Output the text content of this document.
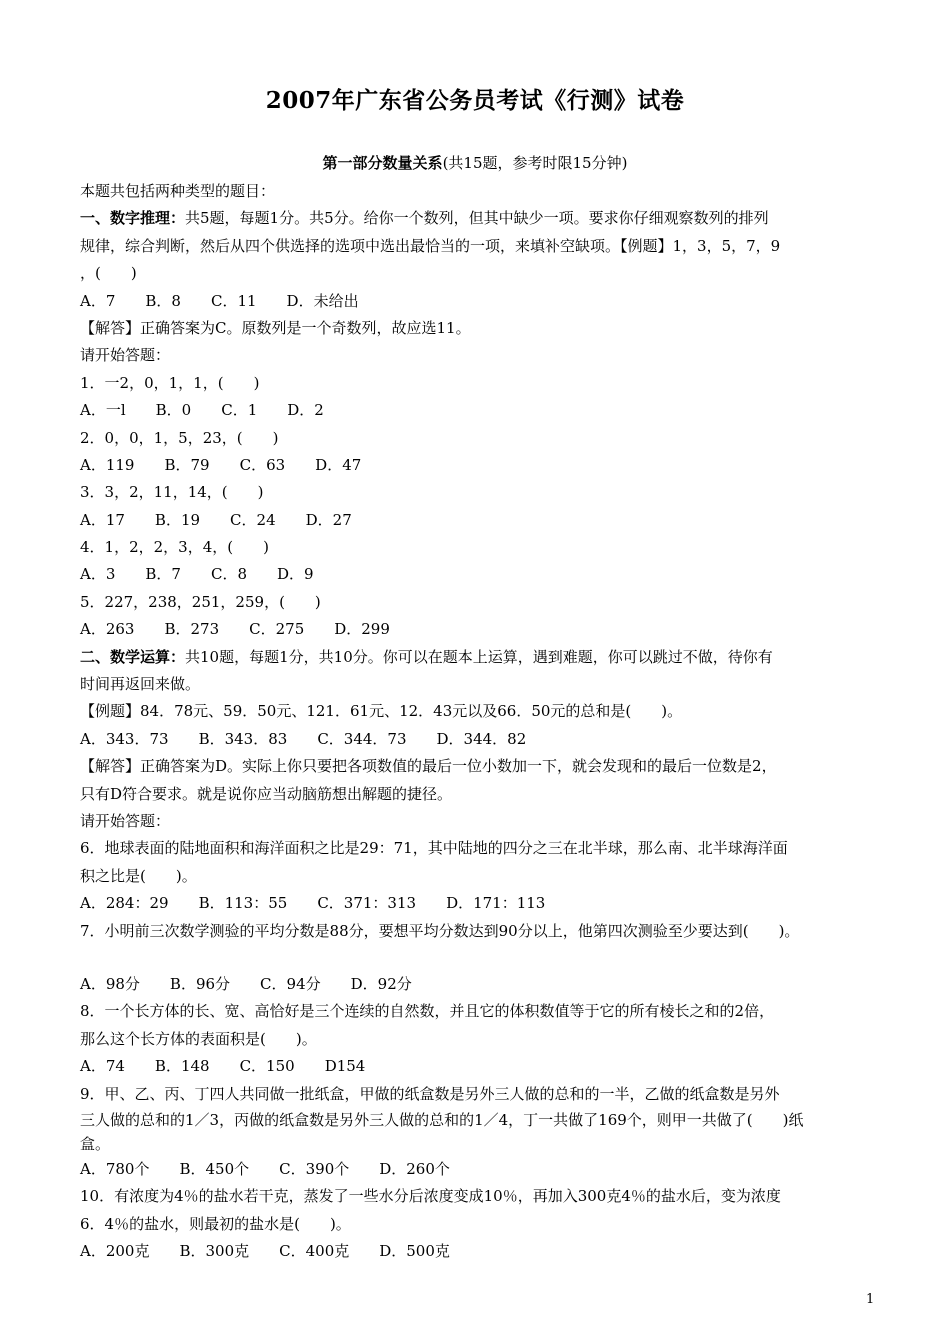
2007年广东省公务员考试《行测》试卷
第一部分数量关系(共15题，参考时限15分钟)
本题共包括两种类型的题目：
一、数字推理：共5题，每题1分。共5分。给你一个数列，但其中缺少一项。要求你仔细观察数列的排列
规律，综合判断，然后从四个供选择的选项中选出最恰当的一项，来填补空缺项。【例题】1，3，5，7，9
，(　　)
A．7 B．8 C．11 D．未给出
【解答】正确答案为C。原数列是一个奇数列，故应选11。
请开始答题：
1．一2，0，1，1，(　　)
A．一l B．0 C．1 D．2
2．0，0，1，5，23，(　　)
A．119 B．79 C．63 D．47
3．3，2，11，14，(　　)
A．17 B．19 C．24 D．27
4．1，2，2，3，4，(　　)
A．3 B．7 C．8 D．9
5．227，238，251，259，(　　)
A．263 B．273 C．275 D．299
二、数学运算：共10题，每题1分，共10分。你可以在题本上运算，遇到难题，你可以跳过不做，待你有
时间再返回来做。
【例题】84．78元、59．50元、121．61元、12．43元以及66．50元的总和是(　　)。
A．343．73 B．343．83 C．344．73 D．344．82
【解答】正确答案为D。实际上你只要把各项数值的最后一位小数加一下，就会发现和的最后一位数是2，
只有D符合要求。就是说你应当动脑筋想出解题的捷径。
请开始答题：
6．地球表面的陆地面积和海洋面积之比是29：71，其中陆地的四分之三在北半球，那么南、北半球海洋面
积之比是(　　)。
A．284：29 B．113：55 C．371：313 D．171：113
7．小明前三次数学测验的平均分数是88分，要想平均分数达到90分以上，他第四次测验至少要达到(　　)。
A．98分 B．96分 C．94分 D．92分
8．一个长方体的长、宽、高恰好是三个连续的自然数，并且它的体积数值等于它的所有棱长之和的2倍，
那么这个长方体的表面积是(　　)。
A．74 B．148 C．150 D154
9．甲、乙、丙、丁四人共同做一批纸盒，甲做的纸盒数是另外三人做的总和的一半，乙做的纸盒数是另外
三人做的总和的1／3，丙做的纸盒数是另外三人做的总和的1／4，丁一共做了169个，则甲一共做了(　　)纸
盒。
A．780个 B．450个 C．390个 D．260个
10．有浓度为4％的盐水若干克，蒸发了一些水分后浓度变成10％，再加入300克4％的盐水后，变为浓度
6．4％的盐水，则最初的盐水是(　　)。
A．200克 B．300克 C．400克 D．500克
1
